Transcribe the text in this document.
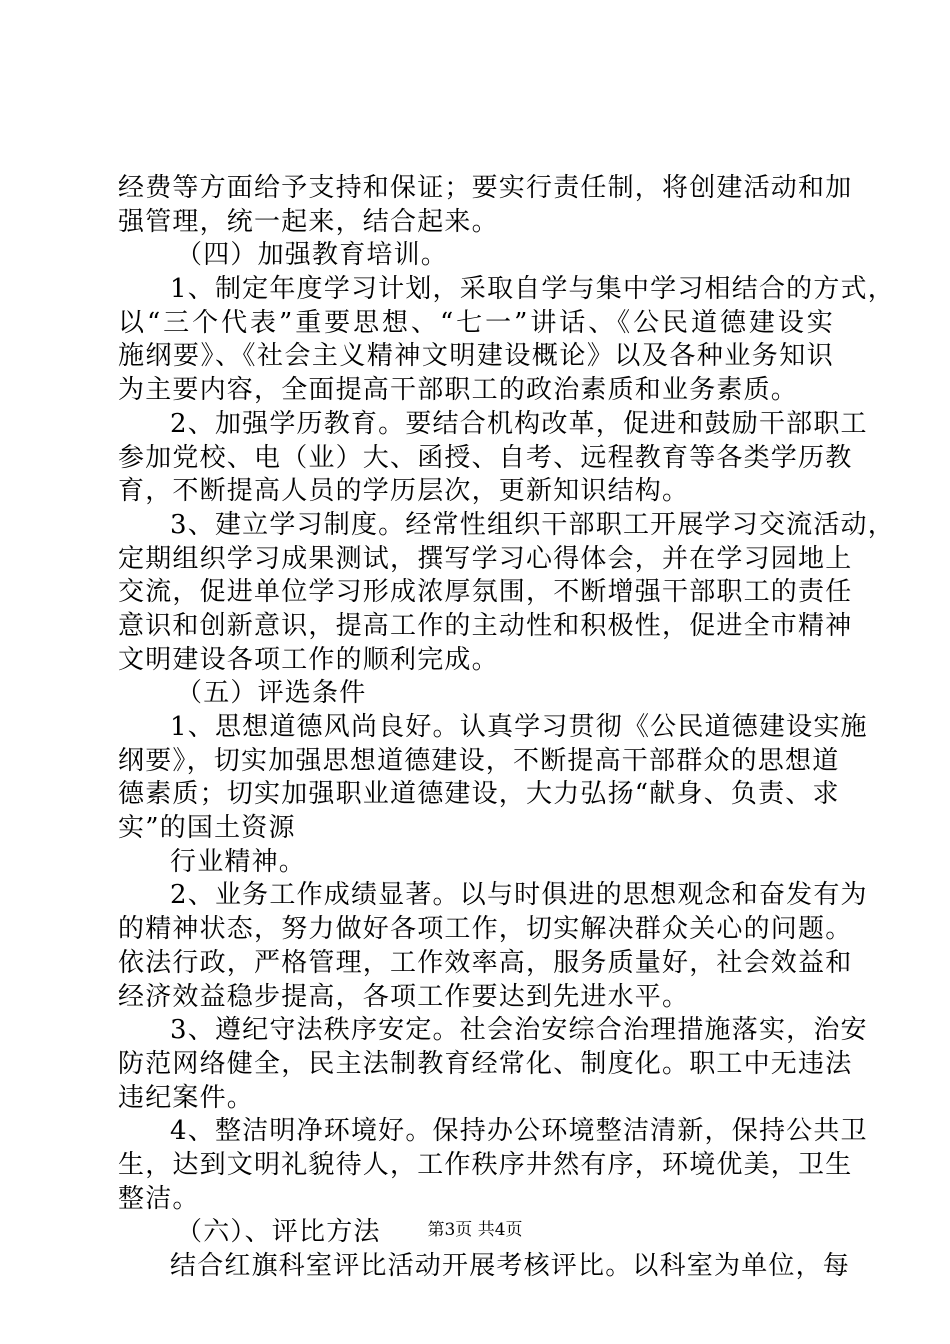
经费等方面给予支持和保证；要实行责任制，将创建活动和加
强管理，统一起来，结合起来。
（四）加强教育培训。
1、制定年度学习计划，采取自学与集中学习相结合的方式，
以“三个代表”重要思想、“七一”讲话、《公民道德建设实
施纲要》、《社会主义精神文明建设概论》以及各种业务知识
为主要内容，全面提高干部职工的政治素质和业务素质。
2、加强学历教育。要结合机构改革，促进和鼓励干部职工
参加党校、电（业）大、函授、自考、远程教育等各类学历教
育，不断提高人员的学历层次，更新知识结构。
3、建立学习制度。经常性组织干部职工开展学习交流活动，
定期组织学习成果测试，撰写学习心得体会，并在学习园地上
交流，促进单位学习形成浓厚氛围，不断增强干部职工的责任
意识和创新意识，提高工作的主动性和积极性，促进全市精神
文明建设各项工作的顺利完成。
（五）评选条件
1、思想道德风尚良好。认真学习贯彻《公民道德建设实施
纲要》，切实加强思想道德建设，不断提高干部群众的思想道
德素质；切实加强职业道德建设，大力弘扬“献身、负责、求
实”的国土资源
行业精神。
2、业务工作成绩显著。以与时俱进的思想观念和奋发有为
的精神状态，努力做好各项工作，切实解决群众关心的问题。
依法行政，严格管理，工作效率高，服务质量好，社会效益和
经济效益稳步提高，各项工作要达到先进水平。
3、遵纪守法秩序安定。社会治安综合治理措施落实，治安
防范网络健全，民主法制教育经常化、制度化。职工中无违法
违纪案件。
4、整洁明净环境好。保持办公环境整洁清新，保持公共卫
生，达到文明礼貌待人，工作秩序井然有序，环境优美，卫生
整洁。
（六）、评比方法
结合红旗科室评比活动开展考核评比。以科室为单位，每
第3页 共4页
